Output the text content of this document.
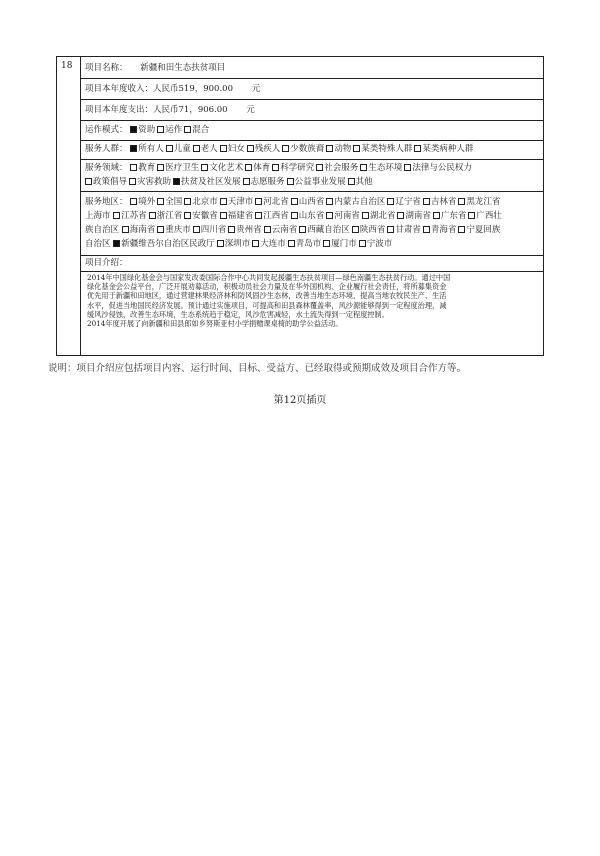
18	项目名称： 新疆和田生态扶贫项目
项目本年度收入：人民币519，900.00 元
项目本年度支出：人民币71，906.00 元
运作模式： 资助 运作 混合
服务人群： 所有人 儿童 老人 妇女 残疾人 少数族裔 动物 某类特殊人群 某类病种人群
服务领域： 教育 医疗卫生 文化艺术 体育 科学研究 社会服务 生态环境 法律与公民权力
政策倡导 灾害救助 扶贫及社区发展 志愿服务 公益事业发展 其他
服务地区： 境外 全国 北京市 天津市 河北省 山西省 内蒙古自治区 辽宁省 吉林省 黑龙江省
上海市 江苏省 浙江省 安徽省 福建省 江西省 山东省 河南省 湖北省 湖南省 广东省 广西壮
族自治区 海南省 重庆市 四川省 贵州省 云南省 西藏自治区 陕西省 甘肃省 青海省 宁夏回族
自治区 新疆维吾尔自治区民政厅 深圳市 大连市 青岛市 厦门市 宁波市
项目介绍：
2014年中国绿化基金会与国家发改委国际合作中心共同发起援疆生态扶贫项目—绿色南疆生态扶贫行动。通过中国
绿化基金会公益平台，广泛开展劝募活动，积极动员社会力量及在华外国机构、企业履行社会责任，将所募集资金
优先用于新疆和田地区，通过营建林果经济林和防风固沙生态林，改善当地生态环境，提高当地农牧民生产、生活
水平，促进当地国民经济发展。预计通过实施项目，可提高和田县森林覆盖率，风沙源能够得到一定程度治理，减
缓风沙侵蚀，改善生态环境，生态系统趋于稳定，风沙危害减轻，水土流失得到一定程度控制。
2014年度开展了向新疆和田县郎如乡努斯亚村小学捐赠课桌椅的助学公益活动。
说明：项目介绍应包括项目内容、运行时间、目标、受益方、已经取得或预期成效及项目合作方等。
第12页插页
